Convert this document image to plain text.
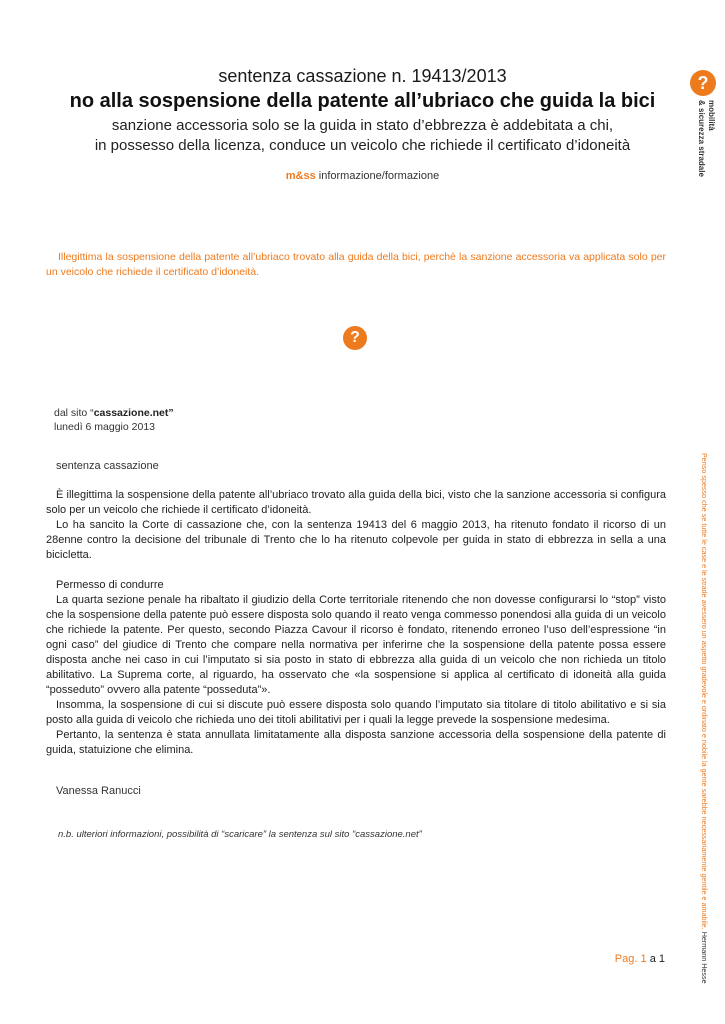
sentenza cassazione n. 19413/2013
no alla sospensione della patente all’ubriaco che guida la bici
sanzione accessoria solo se la guida in stato d’ebbrezza è addebitata a chi,
in possesso della licenza, conduce un veicolo che richiede il certificato d’idoneità
m&ss informazione/formazione
?
mobilità
& sicurezza stradale
Illegittima la sospensione della patente all’ubriaco trovato alla guida della bici, perchè la sanzione accessoria va applicata solo per un veicolo che richiede il certificato d’idoneità.
?
dal sito “cassazione.net”
lunedì 6 maggio 2013
sentenza cassazione

È illegittima la sospensione della patente all’ubriaco trovato alla guida della bici, visto che la sanzione accessoria si configura solo per un veicolo che richiede il certificato d’idoneità.

Lo ha sancito la Corte di cassazione che, con la sentenza 19413 del 6 maggio 2013, ha ritenuto fondato il ricorso di un 28enne contro la decisione del tribunale di Trento che lo ha ritenuto colpevole per guida in stato di ebbrezza in sella a una bicicletta.

Permesso di condurre

La quarta sezione penale ha ribaltato il giudizio della Corte territoriale ritenendo che non dovesse configurarsi lo “stop” visto che la sospensione della patente può essere disposta solo quando il reato venga commesso ponendosi alla guida di un veicolo che richiede la patente. Per questo, secondo Piazza Cavour il ricorso è fondato, ritenendo erroneo l’uso dell’espressione “in ogni caso” del giudice di Trento che compare nella normativa per inferirne che la sospensione della patente possa essere disposta anche nei caso in cui l’imputato si sia posto in stato di ebbrezza alla guida di un veicolo che non richieda un titolo abilitativo. La Suprema corte, al riguardo, ha osservato che «la sospensione si applica al certificato di idoneità alla guida “posseduto” ovvero alla patente “posseduta”».

Insomma, la sospensione di cui si discute può essere disposta solo quando l’imputato sia titolare di titolo abilitativo e si sia posto alla guida di veicolo che richieda uno dei titoli abilitativi per i quali la legge prevede la sospensione medesima.

Pertanto, la sentenza è stata annullata limitatamente alla disposta sanzione accessoria della sospensione della patente di guida, statuizione che elimina.

Vanessa Ranucci
n.b. ulteriori informazioni, possibilità di “scaricare” la sentenza sul sito “cassazione.net”
Pag. 1 a 1
Penso spesso che se tutte le case e le strade avessero un aspetto gradevole e ordinato e nobile la gente sarebbe necessariamente gentile e amabile. Hermann Hesse
